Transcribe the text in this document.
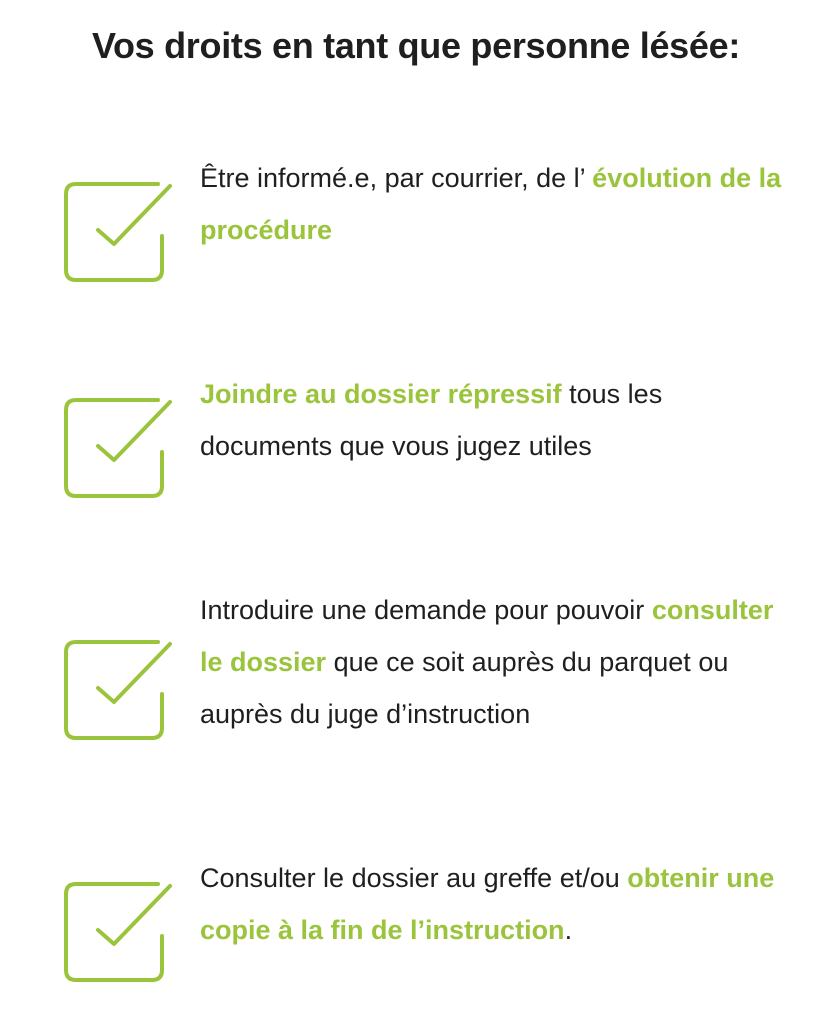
Vos droits en tant que personne lésée:

Être informé.e, par courrier, de l’ évolution de la procédure

Joindre au dossier répressif tous les documents que vous jugez utiles

Introduire une demande pour pouvoir consulter le dossier que ce soit auprès du parquet ou auprès du juge d’instruction

Consulter le dossier au greffe et/ou obtenir une copie à la fin de l’instruction.
